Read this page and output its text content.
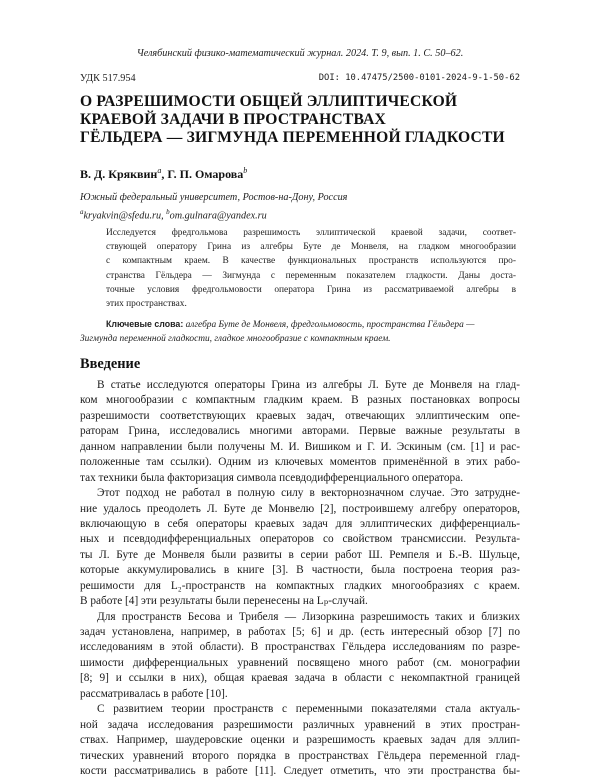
Челябинский физико-математический журнал. 2024. Т. 9, вып. 1. С. 50–62.
УДК 517.954	DOI: 10.47475/2500-0101-2024-9-1-50-62
О РАЗРЕШИМОСТИ ОБЩЕЙ ЭЛЛИПТИЧЕСКОЙ
КРАЕВОЙ ЗАДАЧИ В ПРОСТРАНСТВАХ
ГЁЛЬДЕРА — ЗИГМУНДА ПЕРЕМЕННОЙ ГЛАДКОСТИ
В. Д. Кряквин$^a$, Г. П. Омарова$^b$
Южный федеральный университет, Ростов-на-Дону, Россия
$^a$kryakvin@sfedu.ru, $^b$om.gulnara@yandex.ru
Исследуется фредгольмова разрешимость эллиптической краевой задачи, соответ-
ствующей оператору Грина из алгебры Буте де Монвеля, на гладком многообразии
с компактным краем. В качестве функциональных пространств используются про-
странства Гёльдера — Зигмунда с переменным показателем гладкости. Даны доста-
точные условия фредгольмовости оператора Грина из рассматриваемой алгебры в
этих пространствах.
Ключевые слова: алгебра Буте де Монвеля, фредгольмовость, пространства Гёльдера —
Зигмунда переменной гладкости, гладкое многообразие с компактным краем.
Введение
В статье исследуются операторы Грина из алгебры Л. Буте де Монвеля на глад-
ком многообразии с компактным гладким краем. В разных постановках вопросы
разрешимости соответствующих краевых задач, отвечающих эллиптическим опе-
раторам Грина, исследовались многими авторами. Первые важные результаты в
данном направлении были получены М. И. Вишиком и Г. И. Эскиным (см. [1] и рас-
положенные там ссылки). Одним из ключевых моментов применённой в этих рабо-
тах техники была факторизация символа псевдодифференциального оператора.
Этот подход не работал в полную силу в векторнозначном случае. Это затрудне-
ние удалось преодолеть Л. Буте де Монвелю [2], построившему алгебру операторов,
включающую в себя операторы краевых задач для эллиптических дифференциаль-
ных и псевдодифференциальных операторов со свойством трансмиссии. Результа-
ты Л. Буте де Монвеля были развиты в серии работ Ш. Ремпеля и Б.-В. Шульце,
которые аккумулировались в книге [3]. В частности, была построена теория раз-
решимости для L₂-пространств на компактных гладких многообразиях с краем.
В работе [4] эти результаты были перенесены на Lₚ-случай.
Для пространств Бесова и Трибеля — Лизоркина разрешимость таких и близких
задач установлена, например, в работах [5; 6] и др. (есть интересный обзор [7] по
исследованиям в этой области). В пространствах Гёльдера исследованиям по разре-
шимости дифференциальных уравнений посвящено много работ (см. монографии
[8; 9] и ссылки в них), общая краевая задача в области с некомпактной границей
рассматривалась в работе [10].
С развитием теории пространств с переменными показателями стала актуаль-
ной задача исследования разрешимости различных уравнений в этих простран-
ствах. Например, шаудеровские оценки и разрешимость краевых задач для эллип-
тических уравнений второго порядка в пространствах Гёльдера переменной глад-
кости рассматривались в работе [11]. Следует отметить, что эти пространства бы-
